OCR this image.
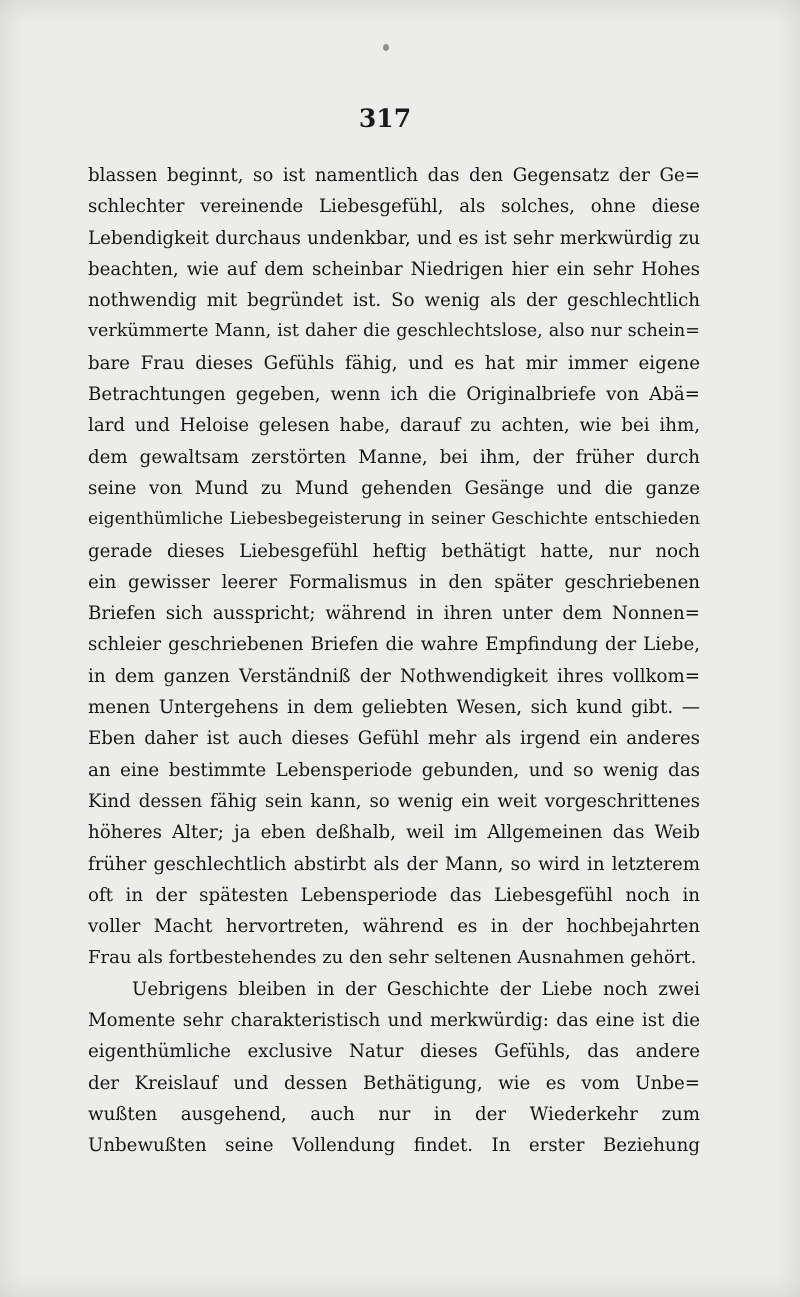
317
blassen beginnt, so ist namentlich das den Gegensatz der Ge=
schlechter vereinende Liebesgefühl, als solches, ohne diese
Lebendigkeit durchaus undenkbar, und es ist sehr merkwürdig zu
beachten, wie auf dem scheinbar Niedrigen hier ein sehr Hohes
nothwendig mit begründet ist. So wenig als der geschlechtlich
verkümmerte Mann, ist daher die geschlechtslose, also nur schein=
bare Frau dieses Gefühls fähig, und es hat mir immer eigene
Betrachtungen gegeben, wenn ich die Originalbriefe von Abä=
lard und Heloise gelesen habe, darauf zu achten, wie bei ihm,
dem gewaltsam zerstörten Manne, bei ihm, der früher durch
seine von Mund zu Mund gehenden Gesänge und die ganze
eigenthümliche Liebesbegeisterung in seiner Geschichte entschieden
gerade dieses Liebesgefühl heftig bethätigt hatte, nur noch
ein gewisser leerer Formalismus in den später geschriebenen
Briefen sich ausspricht; während in ihren unter dem Nonnen=
schleier geschriebenen Briefen die wahre Empfindung der Liebe,
in dem ganzen Verständniß der Nothwendigkeit ihres vollkom=
menen Untergehens in dem geliebten Wesen, sich kund gibt. —
Eben daher ist auch dieses Gefühl mehr als irgend ein anderes
an eine bestimmte Lebensperiode gebunden, und so wenig das
Kind dessen fähig sein kann, so wenig ein weit vorgeschrittenes
höheres Alter; ja eben deßhalb, weil im Allgemeinen das Weib
früher geschlechtlich abstirbt als der Mann, so wird in letzterem
oft in der spätesten Lebensperiode das Liebesgefühl noch in
voller Macht hervortreten, während es in der hochbejahrten
Frau als fortbestehendes zu den sehr seltenen Ausnahmen gehört.
Uebrigens bleiben in der Geschichte der Liebe noch zwei
Momente sehr charakteristisch und merkwürdig: das eine ist die
eigenthümliche exclusive Natur dieses Gefühls, das andere
der Kreislauf und dessen Bethätigung, wie es vom Unbe=
wußten ausgehend, auch nur in der Wiederkehr zum
Unbewußten seine Vollendung findet. In erster Beziehung
